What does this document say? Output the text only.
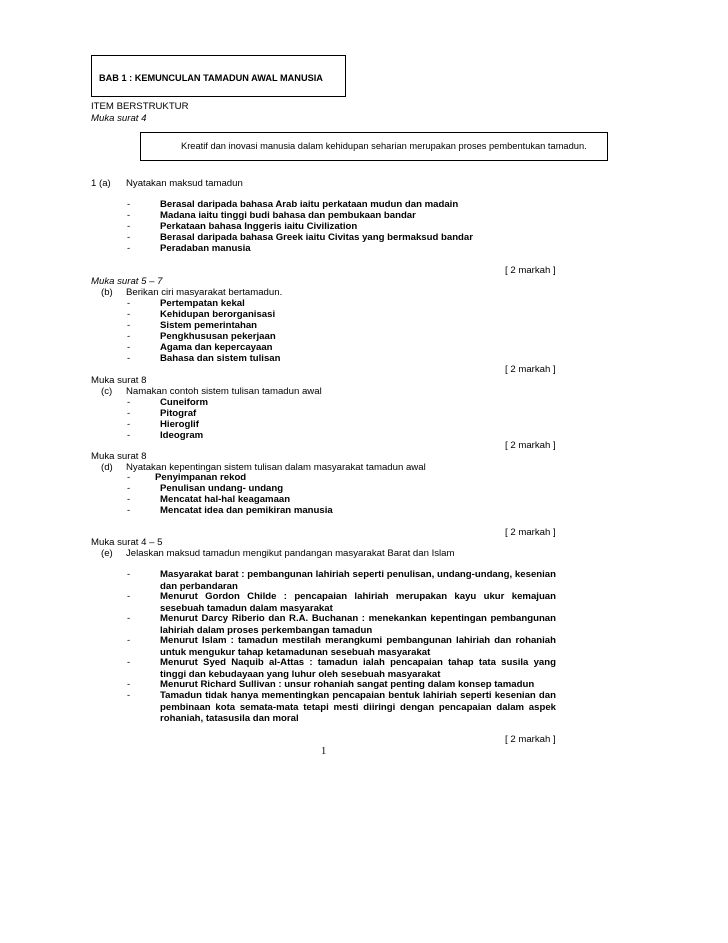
BAB 1 : KEMUNCULAN TAMADUN AWAL MANUSIA
ITEM BERSTRUKTUR
Muka surat 4
Kreatif dan inovasi manusia dalam kehidupan seharian merupakan proses pembentukan tamadun.
1 (a) Nyatakan maksud tamadun
-	Berasal daripada bahasa Arab iaitu perkataan mudun dan madain
-	Madana iaitu tinggi budi bahasa dan pembukaan bandar
-	Perkataan bahasa Inggeris iaitu Civilization
-	Berasal daripada bahasa Greek iaitu Civitas yang bermaksud bandar
-	Peradaban manusia
[ 2 markah ]
Muka surat 5 – 7
(b) Berikan ciri masyarakat bertamadun.
-	Pertempatan kekal
-	Kehidupan berorganisasi
-	Sistem pemerintahan
-	Pengkhususan pekerjaan
-	Agama dan kepercayaan
-	Bahasa dan sistem tulisan
[ 2 markah ]
Muka surat 8
(c) Namakan contoh sistem tulisan tamadun awal
-	Cuneiform
-	Pitograf
-	Hieroglif
-	Ideogram
[ 2 markah ]
Muka surat 8
(d) Nyatakan kepentingan sistem tulisan dalam masyarakat tamadun awal
-	Penyimpanan rekod
-	Penulisan undang- undang
-	Mencatat hal-hal keagamaan
-	Mencatat idea dan pemikiran manusia
[ 2 markah ]
Muka surat 4 – 5
(e) Jelaskan maksud tamadun mengikut pandangan masyarakat Barat dan Islam
-	Masyarakat barat : pembangunan lahiriah seperti penulisan, undang-undang, kesenian dan perbandaran
-	Menurut Gordon Childe : pencapaian lahiriah merupakan kayu ukur kemajuan sesebuah tamadun dalam masyarakat
-	Menurut Darcy Riberio dan R.A. Buchanan : menekankan kepentingan pembangunan lahiriah dalam proses perkembangan tamadun
-	Menurut Islam : tamadun mestilah merangkumi pembangunan lahiriah dan rohaniah untuk mengukur tahap ketamadunan sesebuah masyarakat
-	Menurut Syed Naquib al-Attas : tamadun ialah pencapaian tahap tata susila yang tinggi dan kebudayaan yang luhur oleh sesebuah masyarakat
-	Menurut Richard Sullivan : unsur rohaniah sangat penting dalam konsep tamadun
-	Tamadun tidak hanya mementingkan pencapaian bentuk lahiriah seperti kesenian dan pembinaan kota semata-mata tetapi mesti diiringi dengan pencapaian dalam aspek rohaniah, tatasusila dan moral
[ 2 markah ]
1
